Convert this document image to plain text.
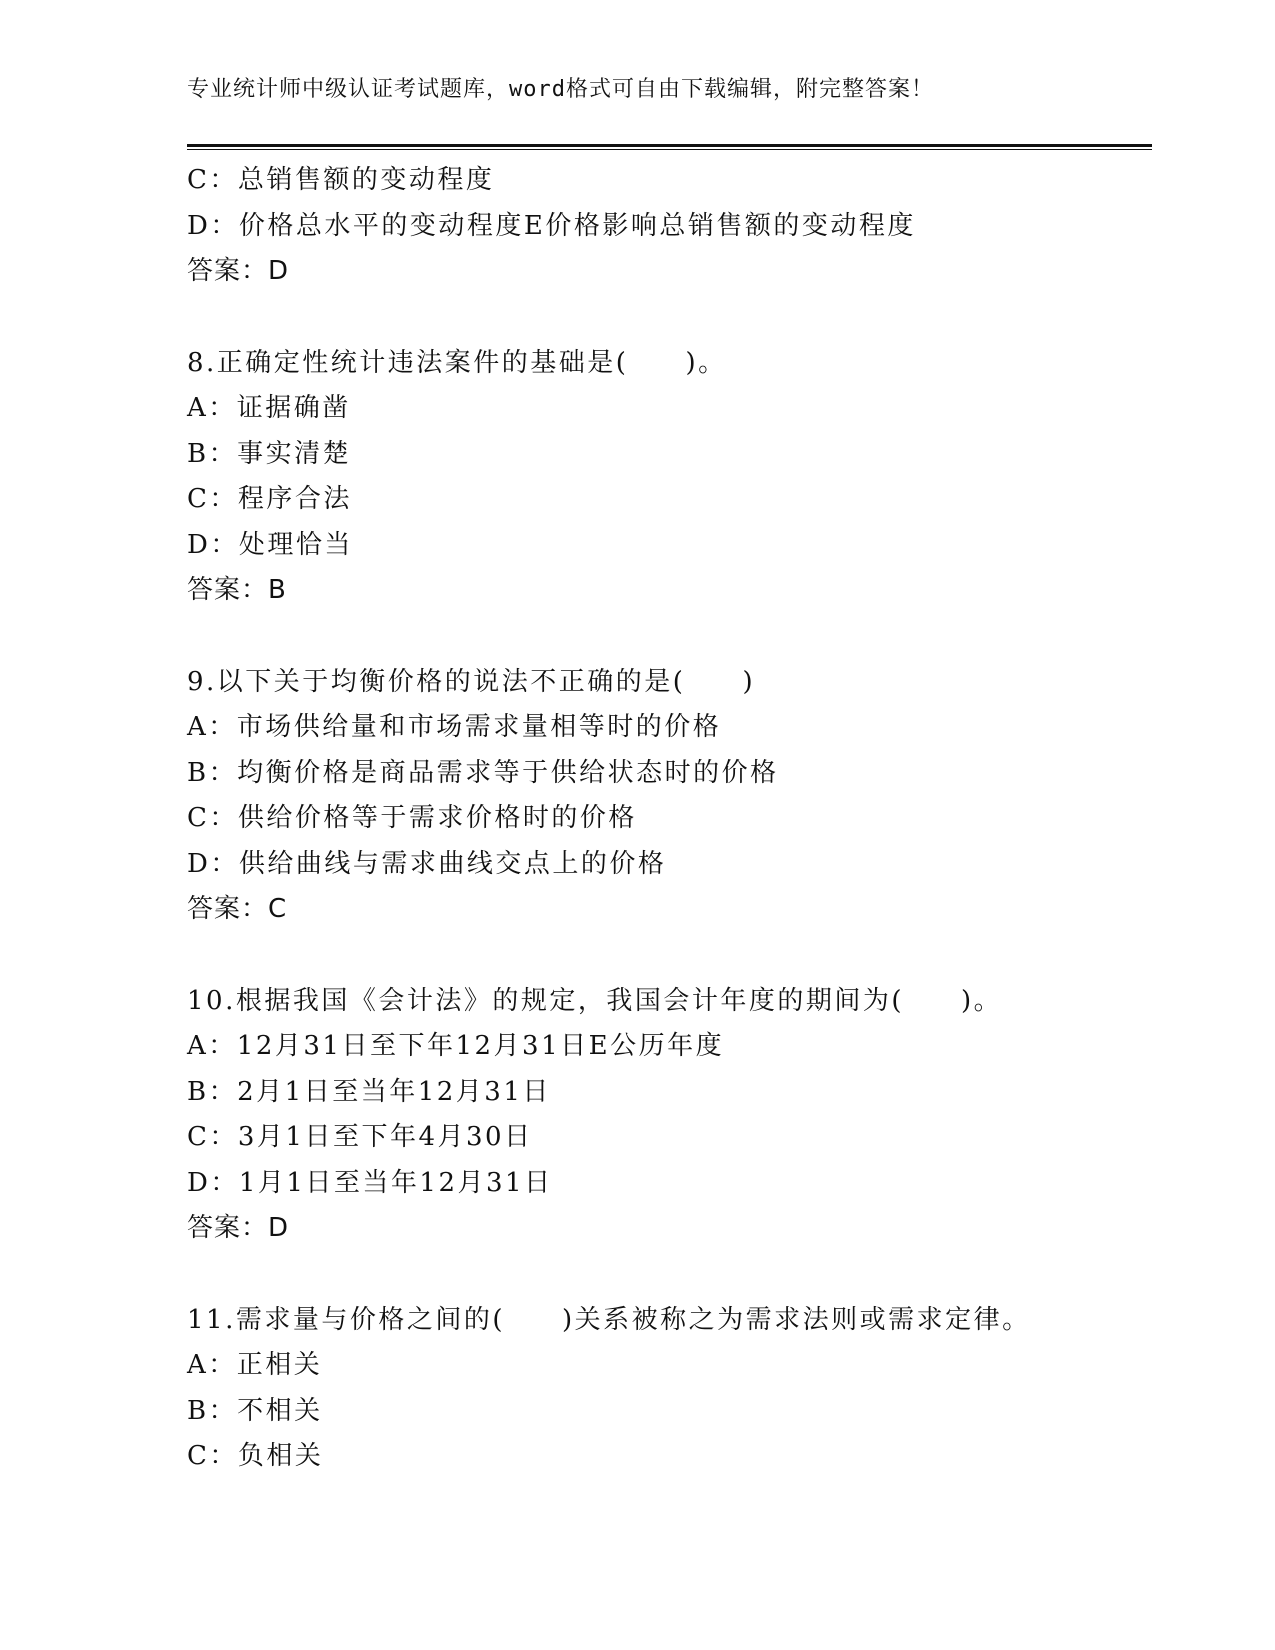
专业统计师中级认证考试题库，word格式可自由下载编辑，附完整答案！
C：总销售额的变动程度
D：价格总水平的变动程度E价格影响总销售额的变动程度
答案：D
8.正确定性统计违法案件的基础是(　　)。
A：证据确凿
B：事实清楚
C：程序合法
D：处理恰当
答案：B
9.以下关于均衡价格的说法不正确的是(　　)
A：市场供给量和市场需求量相等时的价格
B：均衡价格是商品需求等于供给状态时的价格
C：供给价格等于需求价格时的价格
D：供给曲线与需求曲线交点上的价格
答案：C
10.根据我国《会计法》的规定，我国会计年度的期间为(　　)。
A：12月31日至下年12月31日E公历年度
B：2月1日至当年12月31日
C：3月1日至下年4月30日
D：1月1日至当年12月31日
答案：D
11.需求量与价格之间的(　　)关系被称之为需求法则或需求定律。
A：正相关
B：不相关
C：负相关
